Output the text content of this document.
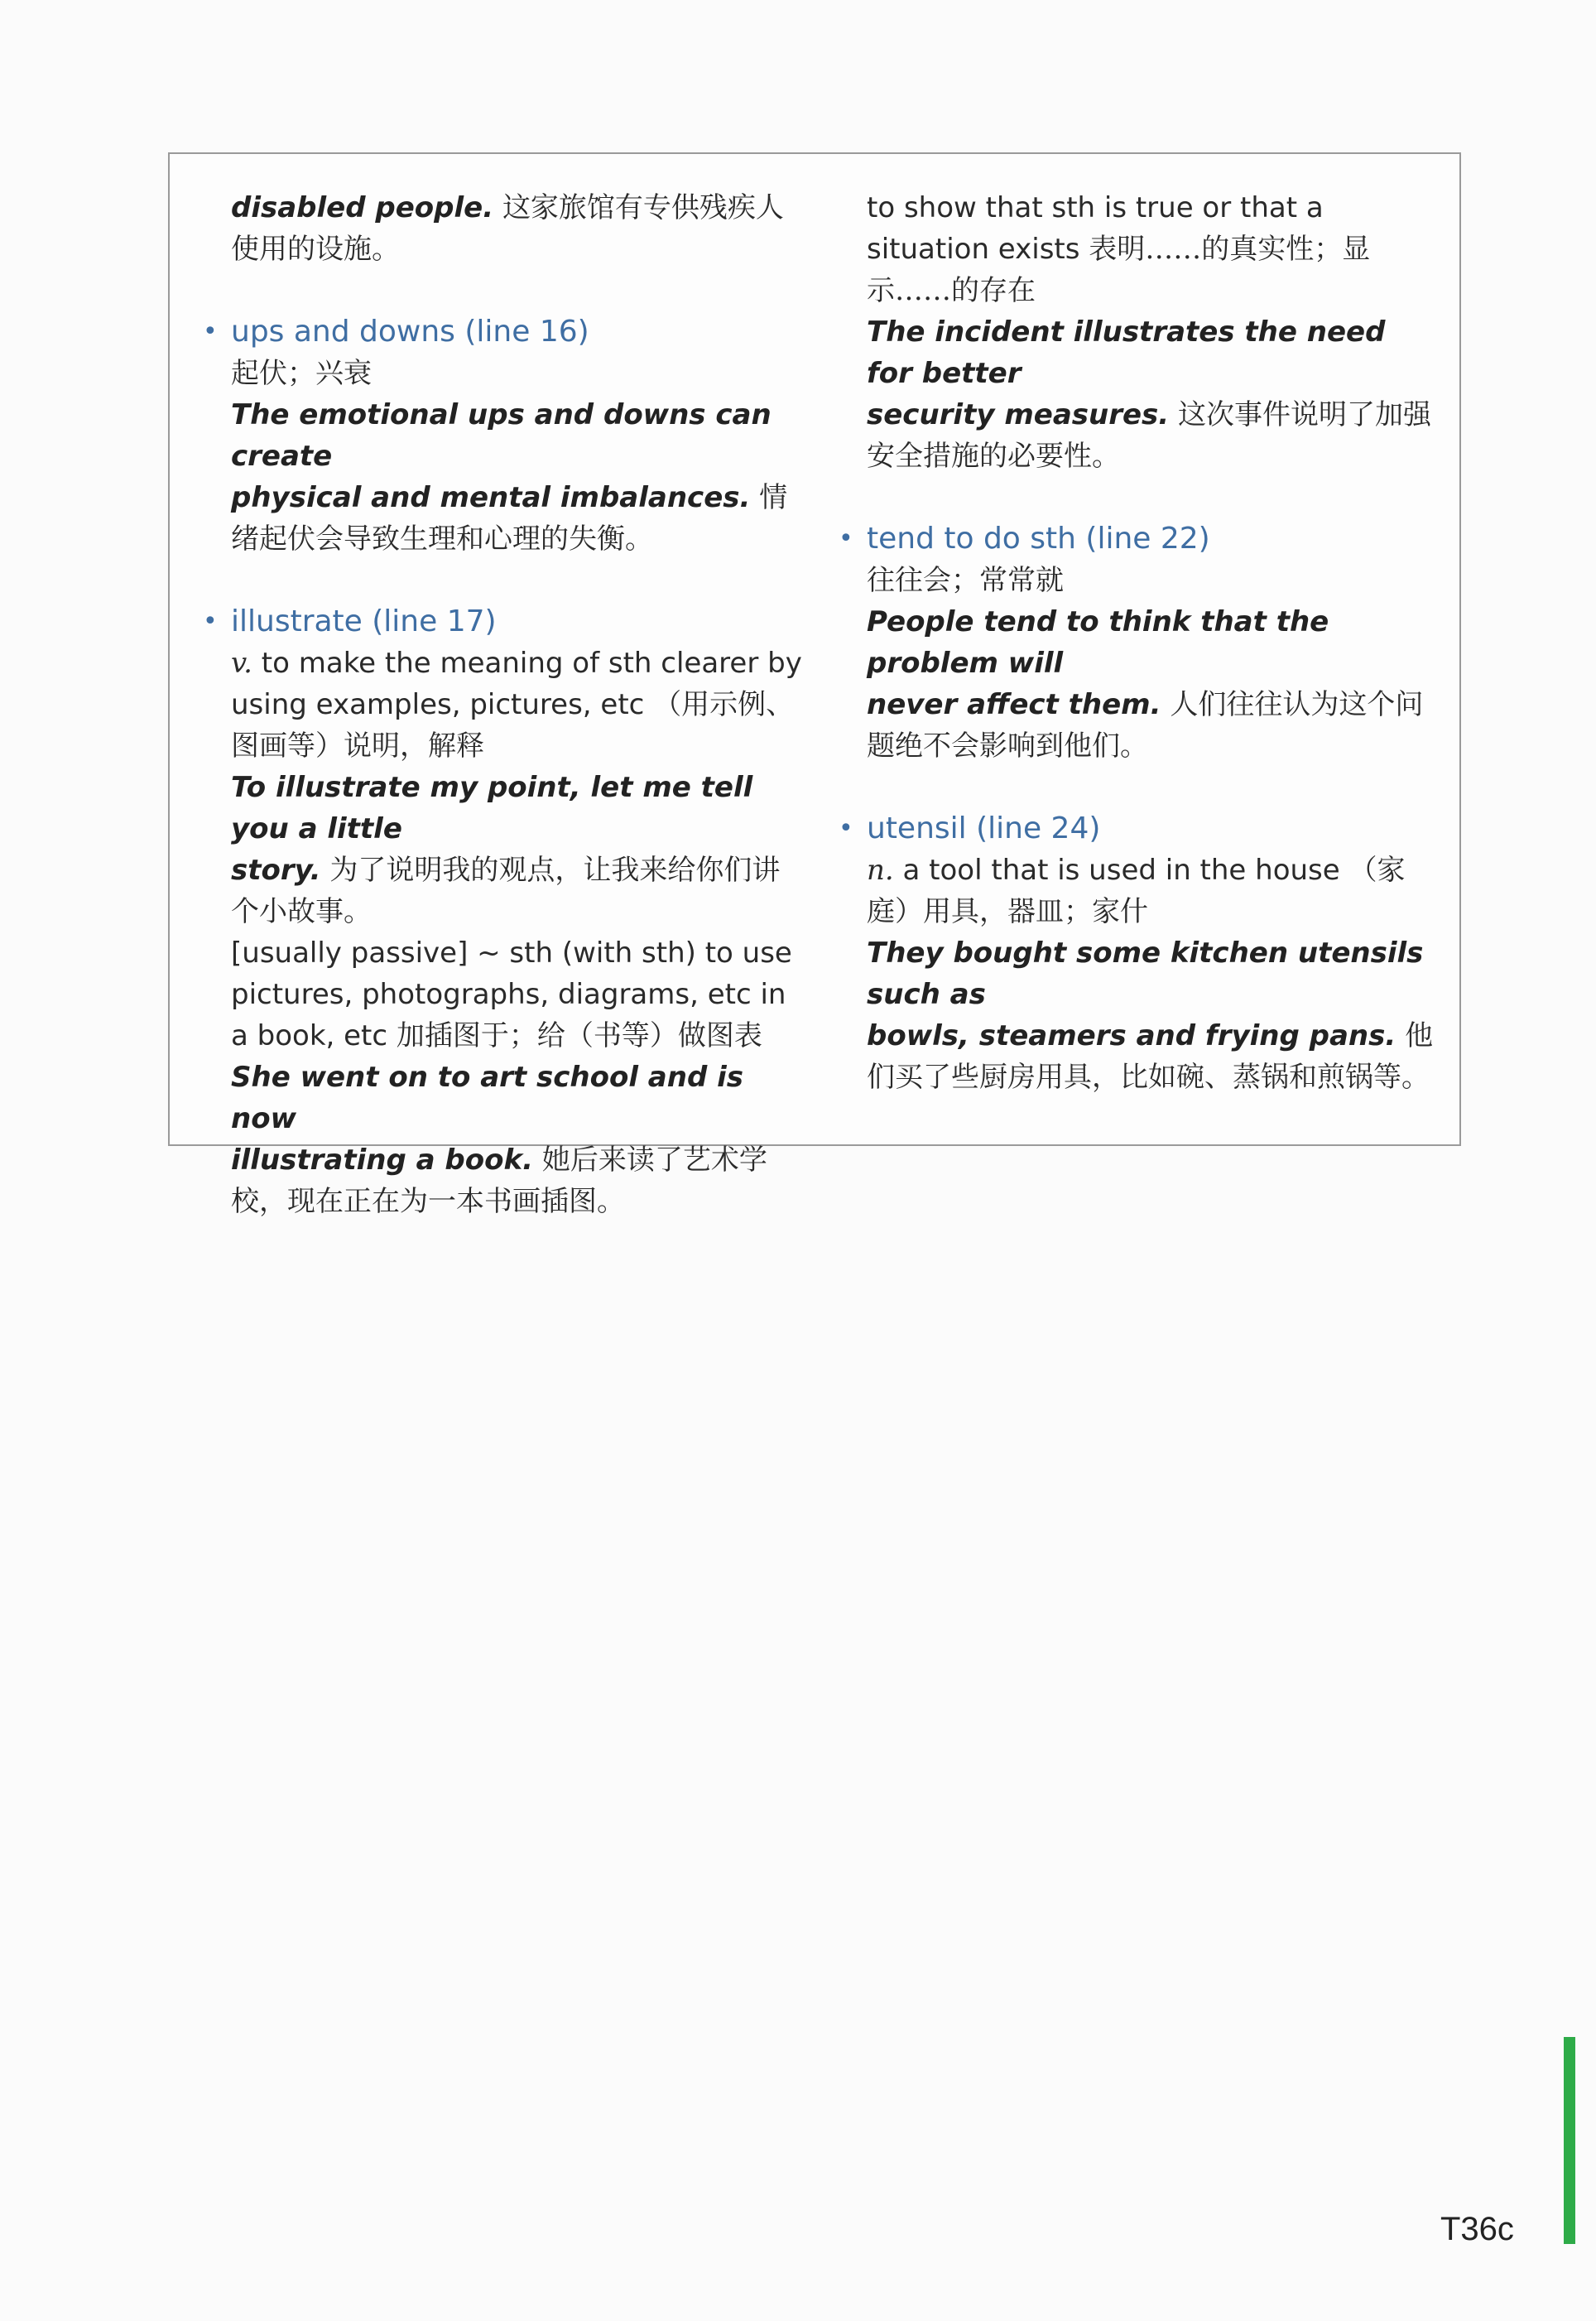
disabled people. 这家旅馆有专供残疾人使用的设施。
• ups and downs (line 16)
起伏；兴衰
The emotional ups and downs can create
physical and mental imbalances. 情绪起伏会导致生理和心理的失衡。
• illustrate (line 17)
v. to make the meaning of sth clearer by using examples, pictures, etc （用示例、图画等）说明，解释
To illustrate my point, let me tell you a little
story. 为了说明我的观点，让我来给你们讲个小故事。
[usually passive] ~ sth (with sth) to use pictures, photographs, diagrams, etc in a book, etc 加插图于；给（书等）做图表
She went on to art school and is now
illustrating a book. 她后来读了艺术学校，现在正在为一本书画插图。
to show that sth is true or that a situation exists 表明……的真实性；显示……的存在
The incident illustrates the need for better
security measures. 这次事件说明了加强安全措施的必要性。
• tend to do sth (line 22)
往往会；常常就
People tend to think that the problem will
never affect them. 人们往往认为这个问题绝不会影响到他们。
• utensil (line 24)
n. a tool that is used in the house （家庭）用具，器皿；家什
They bought some kitchen utensils such as
bowls, steamers and frying pans. 他们买了些厨房用具，比如碗、蒸锅和煎锅等。
T36c
